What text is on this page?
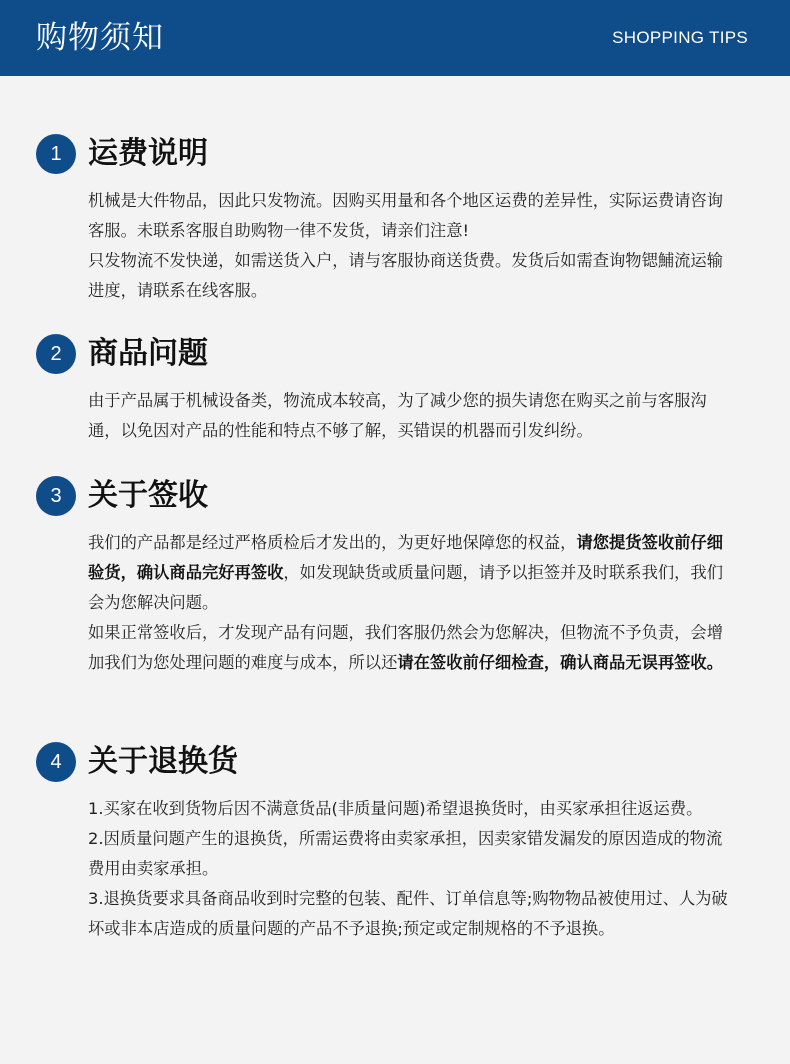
购物须知	SHOPPING TIPS
1 运费说明

机械是大件物品，因此只发物流。因购买用量和各个地区运费的差异性，实际运费请咨询客服。未联系客服自助购物一律不发货，请亲们注意!

只发物流不发快递，如需送货入户，请与客服协商送货费。发货后如需查询物锶鯆流运输进度，请联系在线客服。

2 商品问题

由于产品属于机械设备类，物流成本较高，为了减少您的损失请您在购买之前与客服沟通，以免因对产品的性能和特点不够了解，买错误的机器而引发纠纷。

3 关于签收

我们的产品都是经过严格质检后才发出的，为更好地保障您的权益，请您提货签收前仔细验货，确认商品完好再签收，如发现缺货或质量问题，请予以拒签并及时联系我们，我们会为您解决问题。

如果正常签收后，才发现产品有问题，我们客服仍然会为您解决，但物流不予负责，会增加我们为您处理问题的难度与成本，所以还请在签收前仔细检查，确认商品无误再签收。

4 关于退换货

1.买家在收到货物后因不满意货品(非质量问题)希望退换货时，由买家承担往返运费。

2.因质量问题产生的退换货，所需运费将由卖家承担，因卖家错发漏发的原因造成的物流费用由卖家承担。

3.退换货要求具备商品收到时完整的包装、配件、订单信息等;购物物品被使用过、人为破坏或非本店造成的质量问题的产品不予退换;预定或定制规格的不予退换。
